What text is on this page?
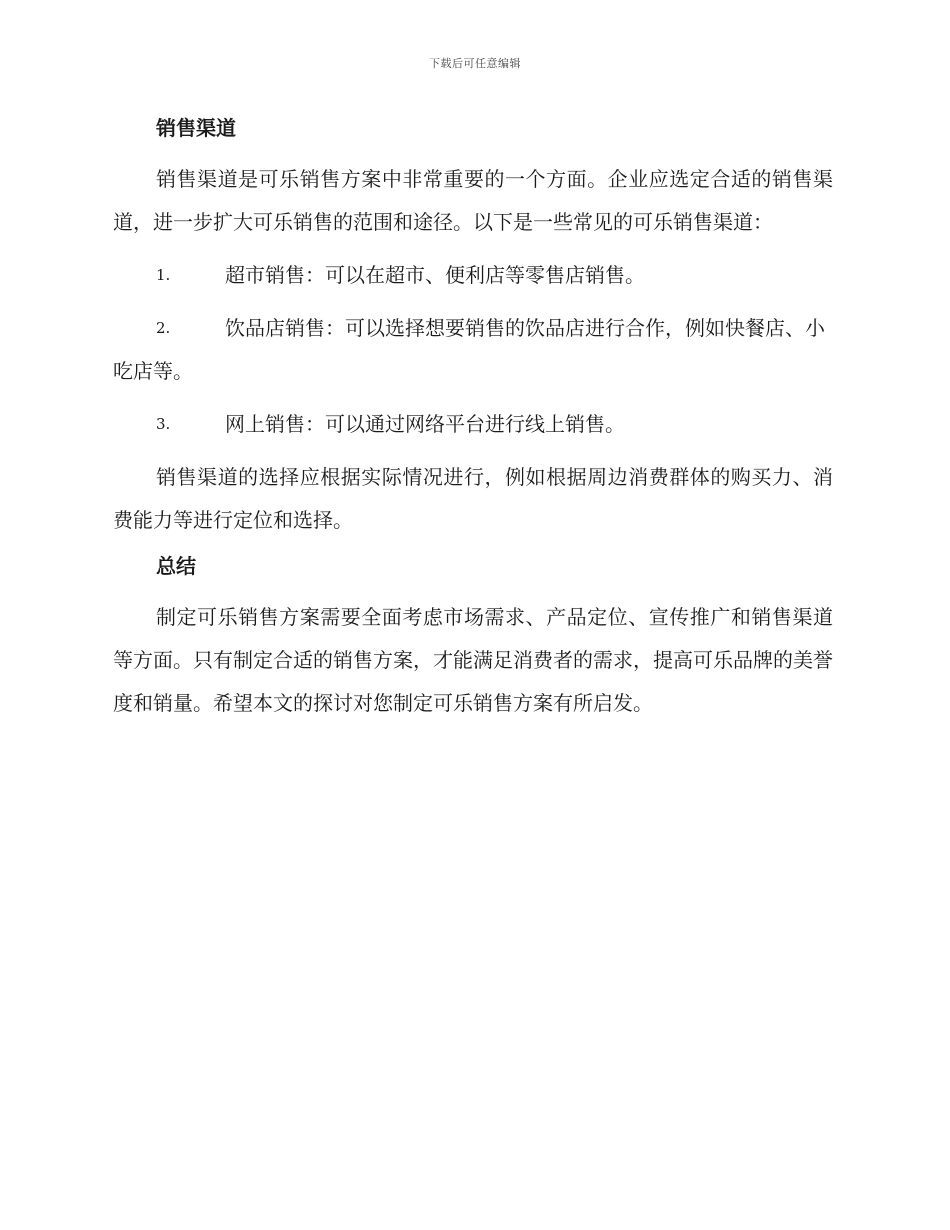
下载后可任意编辑
销售渠道
销售渠道是可乐销售方案中非常重要的一个方面。企业应选定合适的销售渠道，进一步扩大可乐销售的范围和途径。以下是一些常见的可乐销售渠道：
1.	超市销售：可以在超市、便利店等零售店销售。
2.	饮品店销售：可以选择想要销售的饮品店进行合作，例如快餐店、小吃店等。
3.	网上销售：可以通过网络平台进行线上销售。
销售渠道的选择应根据实际情况进行，例如根据周边消费群体的购买力、消费能力等进行定位和选择。
总结
制定可乐销售方案需要全面考虑市场需求、产品定位、宣传推广和销售渠道等方面。只有制定合适的销售方案，才能满足消费者的需求，提高可乐品牌的美誉度和销量。希望本文的探讨对您制定可乐销售方案有所启发。
